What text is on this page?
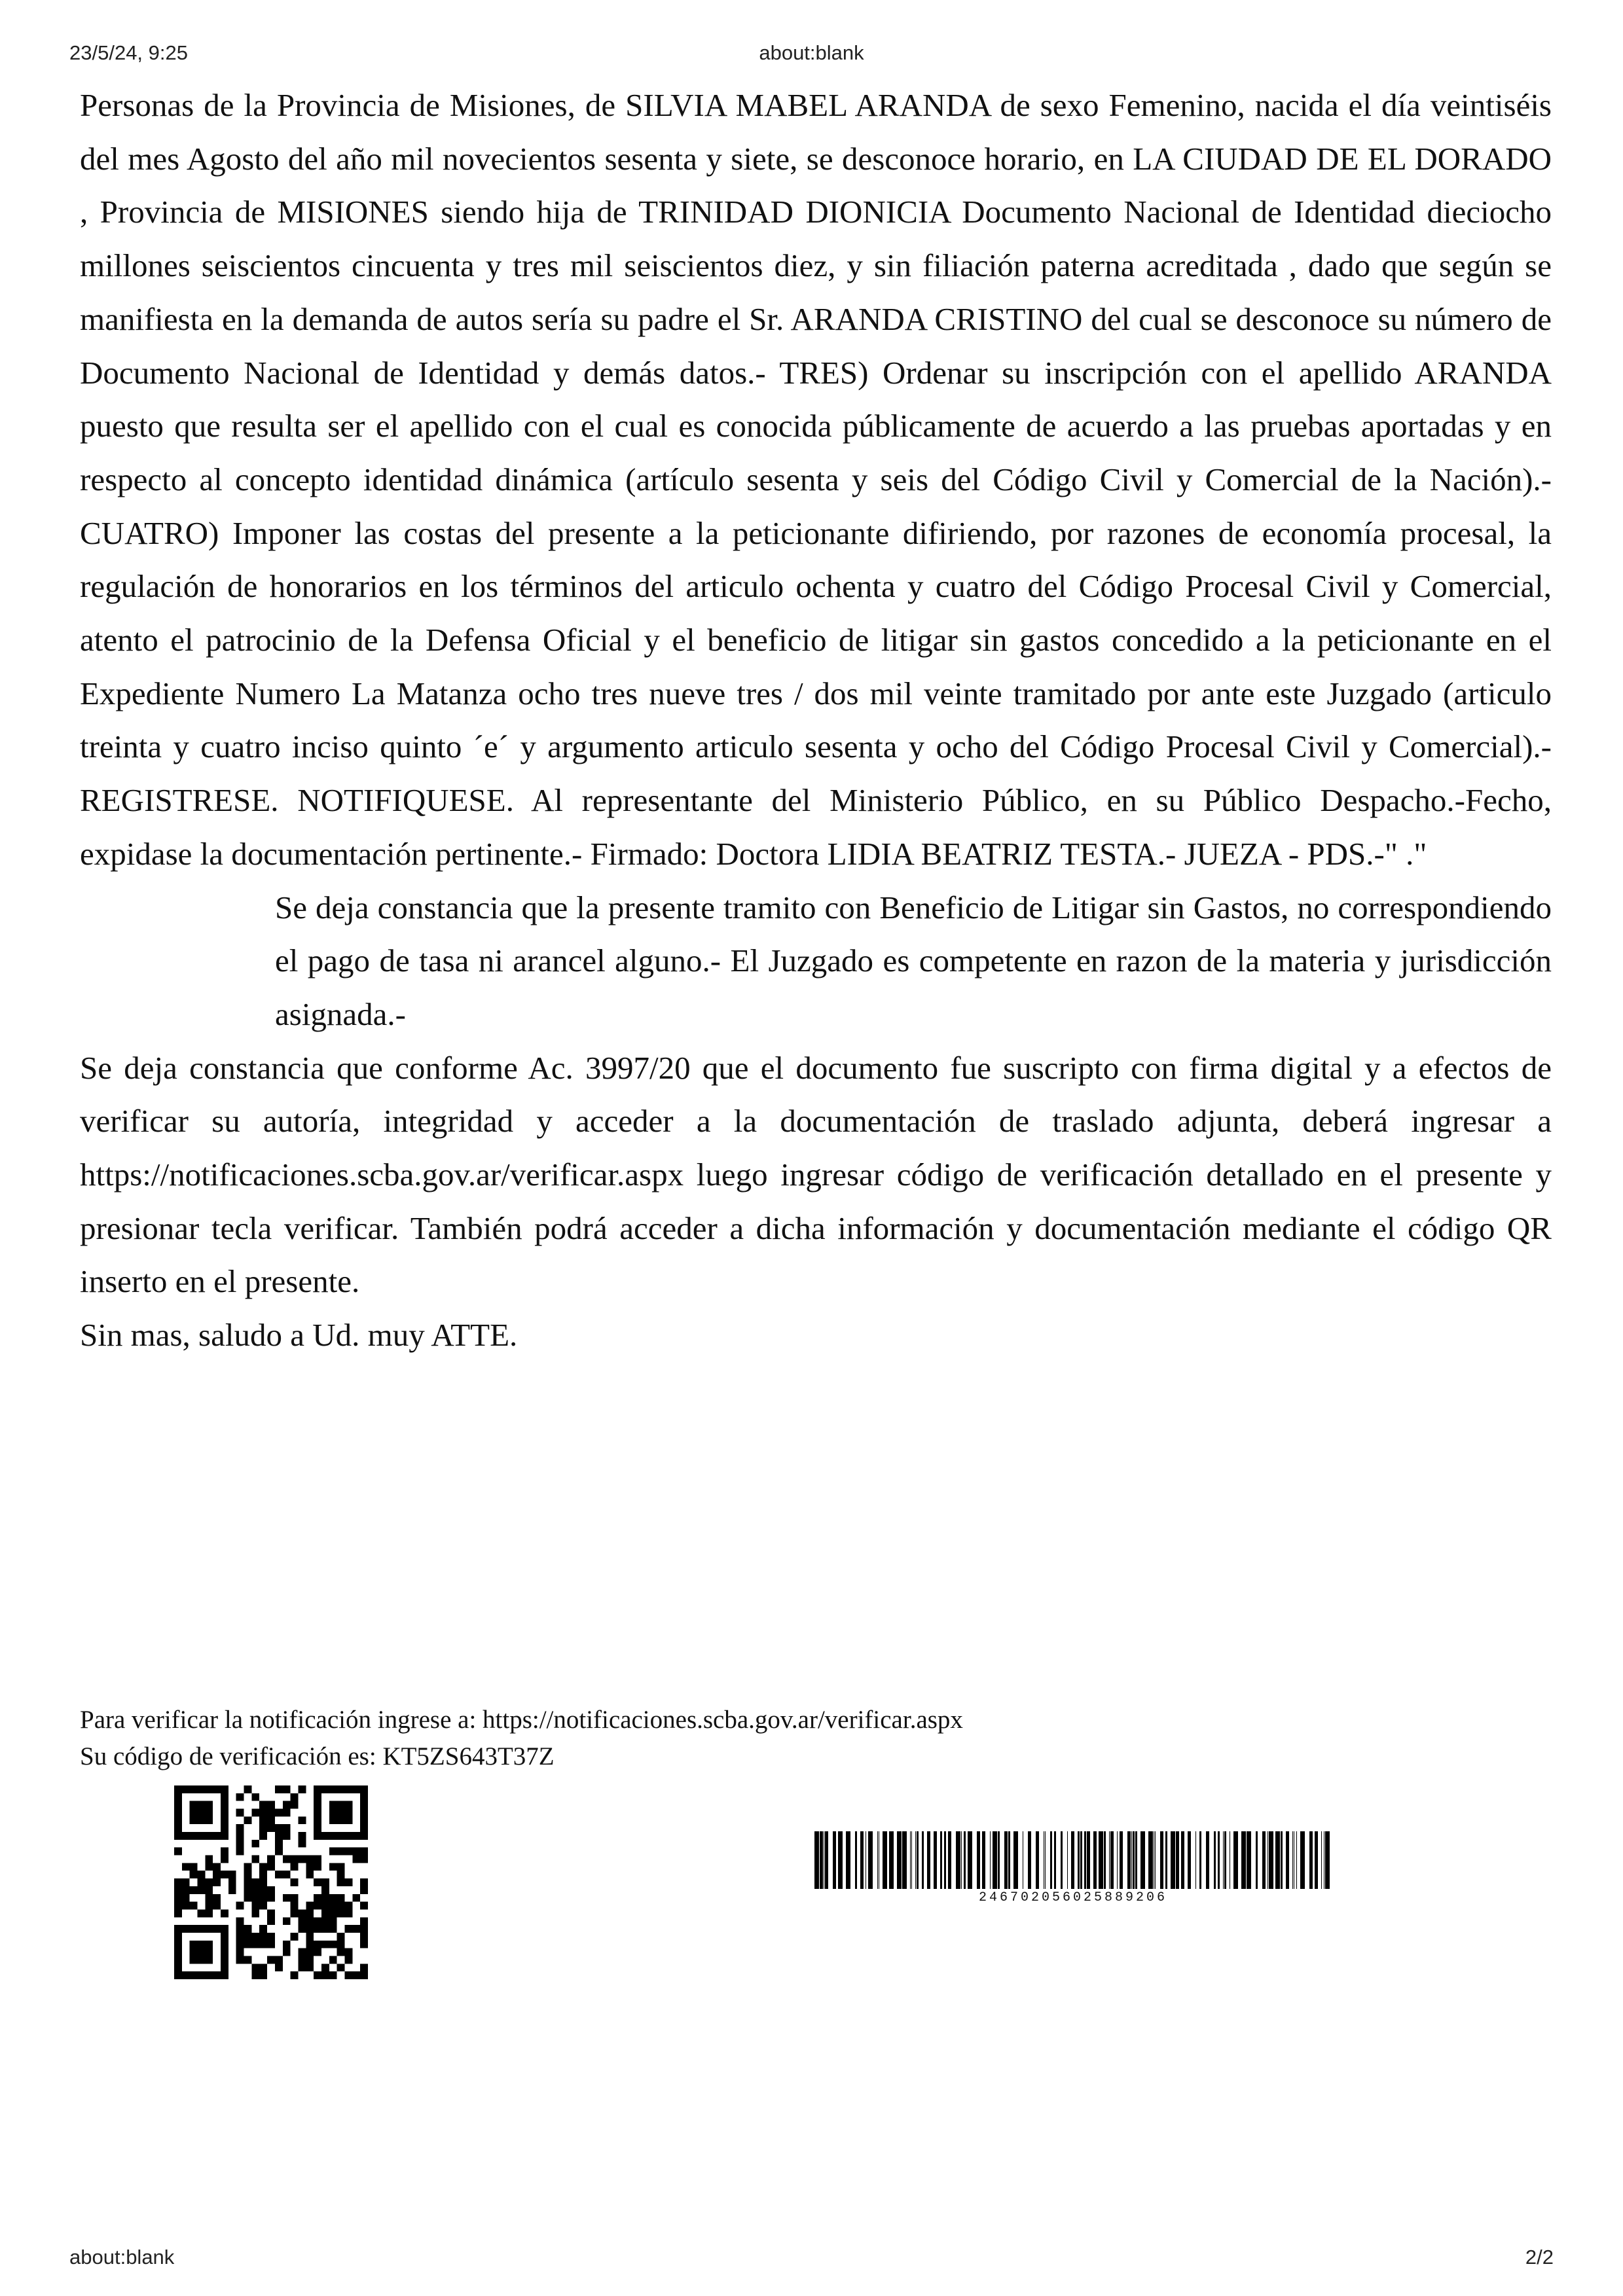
23/5/24, 9:25	about:blank

Personas de la Provincia de Misiones, de SILVIA MABEL ARANDA de sexo Femenino, nacida el día veintiséis del mes Agosto del año mil novecientos sesenta y siete, se desconoce horario, en LA CIUDAD DE EL DORADO , Provincia de MISIONES siendo hija de TRINIDAD DIONICIA Documento Nacional de Identidad dieciocho millones seiscientos cincuenta y tres mil seiscientos diez, y sin filiación paterna acreditada , dado que según se manifiesta en la demanda de autos sería su padre el Sr. ARANDA CRISTINO del cual se desconoce su número de Documento Nacional de Identidad y demás datos.- TRES) Ordenar su inscripción con el apellido ARANDA puesto que resulta ser el apellido con el cual es conocida públicamente de acuerdo a las pruebas aportadas y en respecto al concepto identidad dinámica (artículo sesenta y seis del Código Civil y Comercial de la Nación).- CUATRO) Imponer las costas del presente a la peticionante difiriendo, por razones de economía procesal, la regulación de honorarios en los términos del articulo ochenta y cuatro del Código Procesal Civil y Comercial, atento el patrocinio de la Defensa Oficial y el beneficio de litigar sin gastos concedido a la peticionante en el Expediente Numero La Matanza ocho tres nueve tres / dos mil veinte tramitado por ante este Juzgado (articulo treinta y cuatro inciso quinto ´e´ y argumento articulo sesenta y ocho del Código Procesal Civil y Comercial).- REGISTRESE. NOTIFIQUESE. Al representante del Ministerio Público, en su Público Despacho.-Fecho, expidase la documentación pertinente.- Firmado: Doctora LIDIA BEATRIZ TESTA.- JUEZA - PDS.-" ."

Se deja constancia que la presente tramito con Beneficio de Litigar sin Gastos, no correspondiendo el pago de tasa ni arancel alguno.- El Juzgado es competente en razon de la materia y jurisdicción asignada.-

Se deja constancia que conforme Ac. 3997/20 que el documento fue suscripto con firma digital y a efectos de verificar su autoría, integridad y acceder a la documentación de traslado adjunta, deberá ingresar a https://notificaciones.scba.gov.ar/verificar.aspx luego ingresar código de verificación detallado en el presente y presionar tecla verificar. También podrá acceder a dicha información y documentación mediante el código QR inserto en el presente.

Sin mas, saludo a Ud. muy ATTE.

Para verificar la notificación ingrese a: https://notificaciones.scba.gov.ar/verificar.aspx

Su código de verificación es: KT5ZS643T37Z

246702056025889206
about:blank	2/2
